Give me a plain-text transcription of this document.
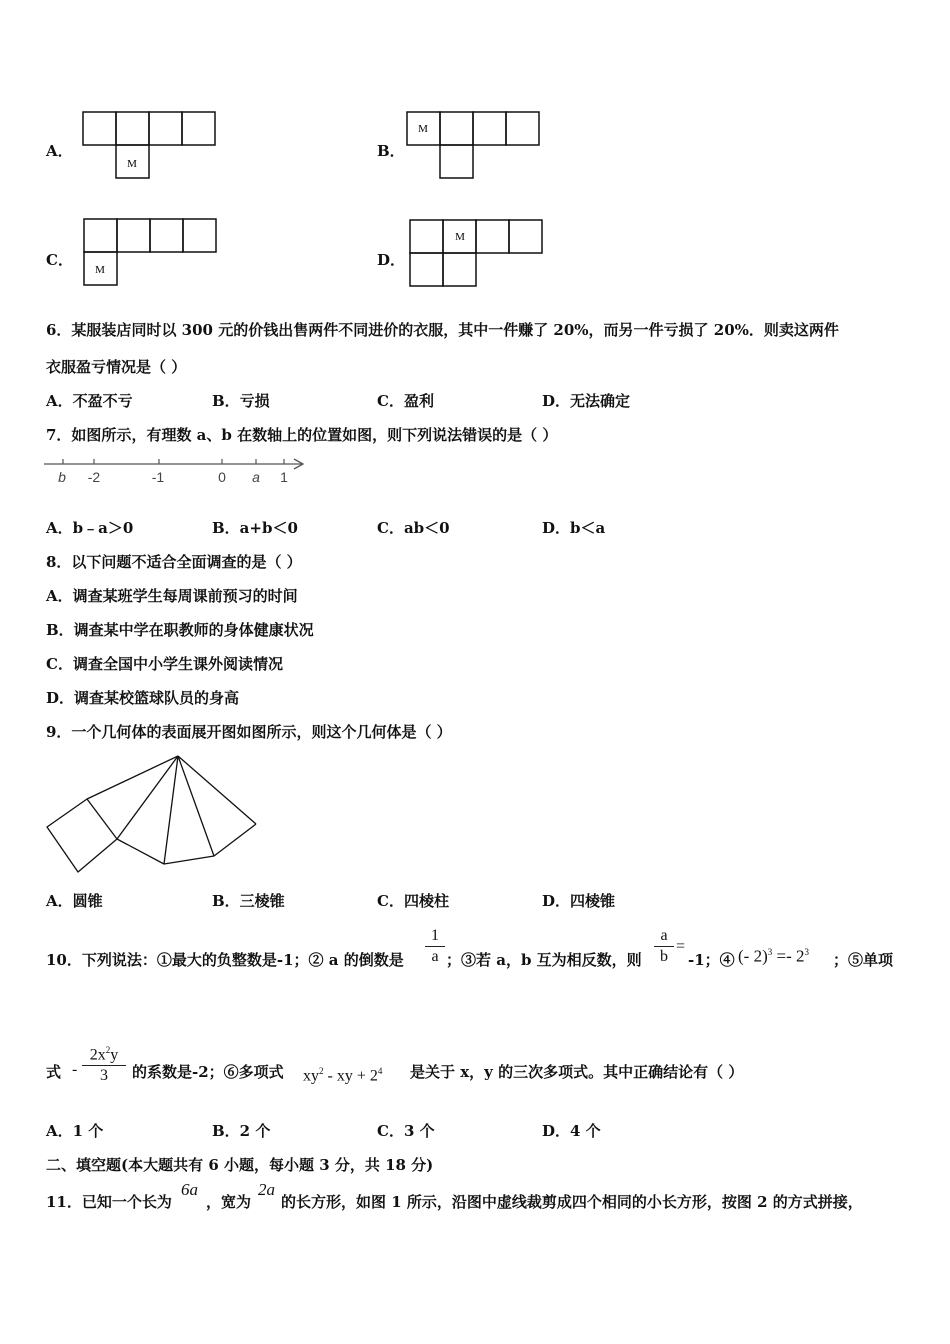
A．
M
B．
M
C．
M
D．
M
6．某服装店同时以 300 元的价钱出售两件不同进价的衣服，其中一件赚了 20%，而另一件亏损了 20%．则卖这两件
衣服盈亏情况是（ ）
A．不盈不亏	B．亏损	C．盈利	D．无法确定
7．如图所示，有理数 a、b 在数轴上的位置如图，则下列说法错误的是（ ）
b -2	-1	0 a 1
A．b﹣a＞0	B．a+b＜0	C．ab＜0	D．b＜a
8．以下问题不适合全面调查的是（ ）
A．调查某班学生每周课前预习的时间
B．调查某中学在职教师的身体健康状况
C．调查全国中小学生课外阅读情况
D．调查某校篮球队员的身高
9．一个几何体的表面展开图如图所示，则这个几何体是（ ）
A．圆锥	B．三棱锥	C．四棱柱	D．四棱锥
10．下列说法：①最大的负整数是-1；② a 的倒数是 $\frac{1}{a}$ ；③若 a，b 互为相反数，则 $\frac{a}{b}$ =
-1；④ (- $2)^3 =- 2^3$ ；⑤单项
式 - $\frac{2x^2y}{3}$ 的系数是-2；⑥多项式 $xy^2$ - xy + $2^4$ 是关于 x，y 的三次多项式。其中正确结论有（ ）
A．1 个	B．2 个	C．3 个	D．4 个
二、填空题(本大题共有 6 小题，每小题 3 分，共 18 分)
11．已知一个长为
6a
，宽为
2a
的长方形，如图 1 所示，沿图中虚线裁剪成四个相同的小长方形，按图 2 的方式拼接，
